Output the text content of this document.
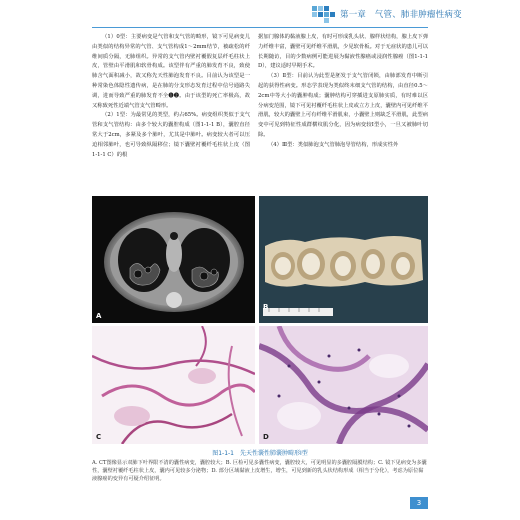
第一章　气管、肺非肿瘤性病变

（1）0型：主要病变是气管和支气管的畸形，镜下可见病变儿由类似的结构异常的气管、支气管构成1～2mm结节，被疏松的纤维间质分隔，无肺组织。异常的支气管内壁衬覆假复层纤毛柱状上皮，管壁由平滑肌和软骨构成。该型伴有严重的肺发育不良，致使肺含气面积减小，故又称先天性肺泡发育不良。目前认为该型是一种常染色体隐性遗传病，是在肺的分支形态发育过程中信号通路失调，进而导致严重的肺发育不全❶❷。由于该型的死亡率极高，故又称致死性近端气管支气管畸形。

（2）1型：为最常见的类型，约占65%。病变组织类似于支气管和支气管结构：由多个较大的囊腔构成（图1-1-1 B），囊腔直径常大于2cm，多紧及多个肺叶，尤其是中肺叶。病变较大者可以压迫相邻肺叶，也可导致纵隔移位；镜下囊壁衬覆纤毛柱状上皮（图1-1-1 C）的根

据加门腺体的黏液腺上皮，有时可形成乳头状、腺样状结构，腺上皮下弹力纤维丰富，囊壁可见纤维平滑肌，少见软骨板。对于无症状的患儿可以长期随访，目的少数病例可能进展为黏液性腺癌或浸润性腺癌（图1-1-1 D），建议适时早期手术。

（3）Ⅱ型：目前认为此型是胚发于支气管闭锁，由肺部发育中断引起的获得性病变。形态学表现为类似终末细支气管的结构，由直径0.5～2cm中等大小的囊肿构成；囊肿结构可穿插进支原肺实质，有时难以区分病变范围，镜下可见衬覆纤毛柱状上皮或立方上皮，囊壁内可见纤维平滑肌，较大的囊壁上可有纤维平滑肌束，小囊壁上则缺乏平滑肌，此型病变中可见到特征性成群横纹肌分化，因为病变较Ⅰ型小，一旦又被肺叶切除。

（4）Ⅲ型：类似肺泡支气管肺泡导管结构，形成实性外

A
B
C	D
图1-1-1　先天性囊性肺囊肿畸形Ⅰ型
A. CT图像显示双肺下叶界限不清的囊性病变，囊腔较大；B. 巨检可见多囊性病变，囊腔较大，可见明显的多囊腔隔膜结构；C. 镜下见病变为多囊性，囊壁衬覆纤毛柱状上皮，囊内可见较多分泌物；D. 部分区域黏液上皮增生，增生，可见到新的乳头状结构形成（相当于分化），考虑为原位黏液腺癌的变异有可疑介绍征明。
3
